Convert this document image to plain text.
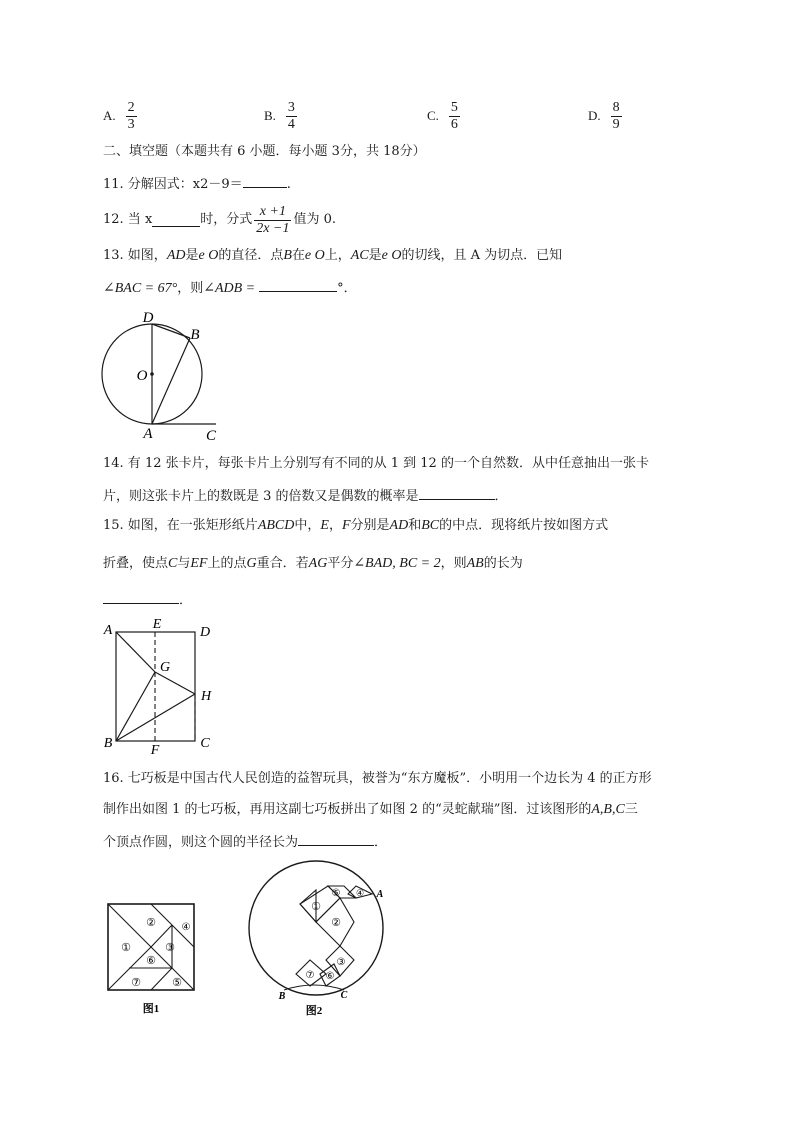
A. $\frac{2}{3}$	B. $\frac{3}{4}$	C. $\frac{5}{6}$	D. $\frac{8}{9}$
二、填空题（本题共有 6 小题．每小题 3分，共 18分）
11. 分解因式：x2－9＝	.
12. 当 x	时，分式 $\frac{x +1}{2x -1}$ 值为 0.
13. 如图，AD是e O的直径．点B在e O上，AC是e O的切线，且 A 为切点．已知
∠BAC = 67°，则∠ADB =	°．
D
B
O
A	C
14. 有 12 张卡片，每张卡片上分别写有不同的从 1 到 12 的一个自然数．从中任意抽出一张卡
片，则这张卡片上的数既是 3 的倍数又是偶数的概率是	．
15. 如图，在一张矩形纸片ABCD中，E，F分别是AD和BC的中点．现将纸片按如图方式
折叠，使点C与EF上的点G重合．若AG平分∠BAD, BC = 2，则AB的长为
．
A	E
D
G
H
B	F	C
16. 七巧板是中国古代人民创造的益智玩具，被誉为“东方魔板”．小明用一个边长为 4 的正方形
制作出如图 1 的七巧板，再用这副七巧板拼出了如图 2 的“灵蛇献瑞”图．过该图形的A,B,C三
个顶点作圆，则这个圆的半径长为	．
①
②
③
④
⑤
⑥
⑦
图1
⑤ ④
①
②
③
⑦ ⑥
A
B	C
图2
